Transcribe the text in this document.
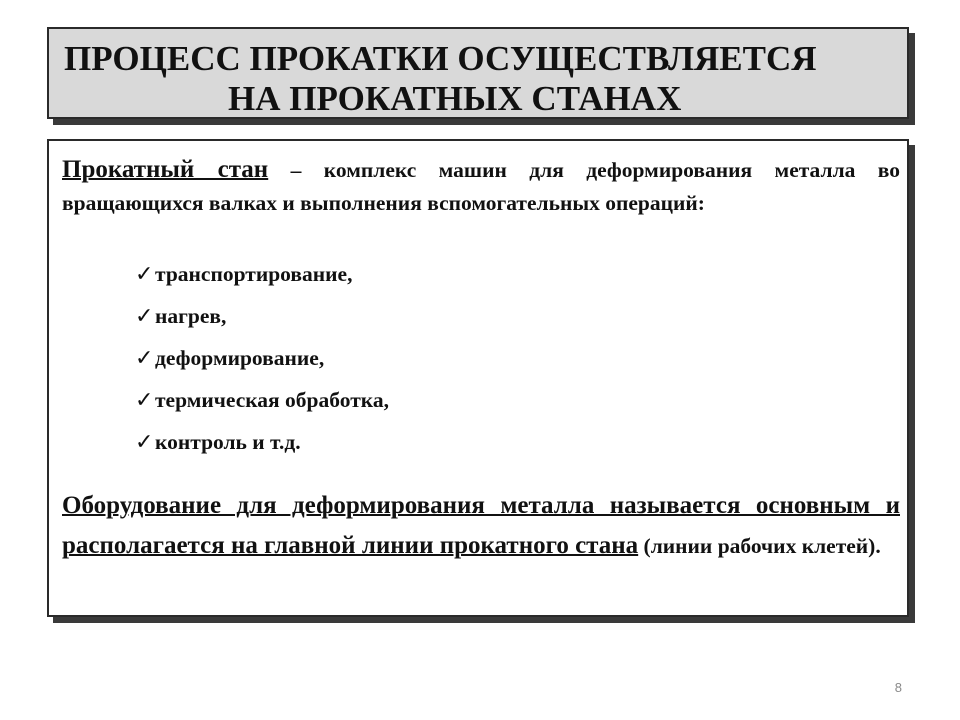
ПРОЦЕСС ПРОКАТКИ ОСУЩЕСТВЛЯЕТСЯ
НА ПРОКАТНЫХ СТАНАХ

Прокатный стан – комплекс машин для деформирования металла во вращающихся валках и выполнения вспомогательных операций:

✓транспортирование,
✓нагрев,
✓деформирование,
✓термическая обработка,
✓контроль и т.д.

Оборудование для деформирования металла называется основным и располагается на главной линии прокатного стана (линии рабочих клетей).

8
